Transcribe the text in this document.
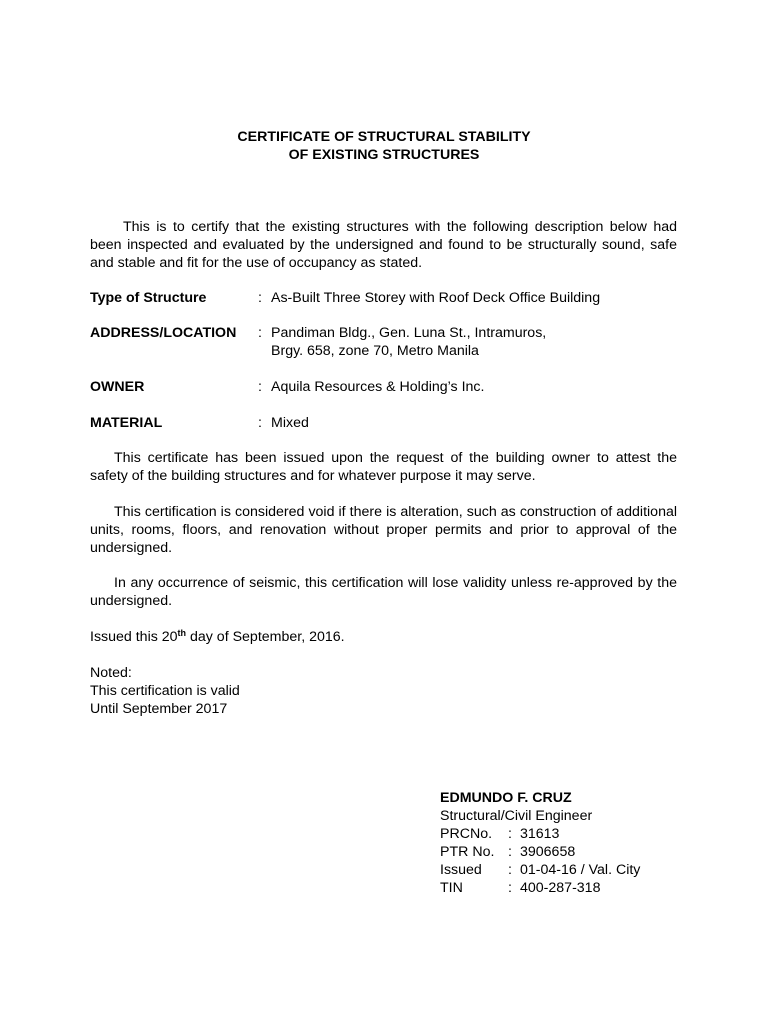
CERTIFICATE OF STRUCTURAL STABILITY
OF EXISTING STRUCTURES
This is to certify that the existing structures with the following description below had been inspected and evaluated by the undersigned and found to be structurally sound, safe and stable and fit for the use of occupancy as stated.
Type of Structure	: As-Built Three Storey with Roof Deck Office Building
ADDRESS/LOCATION : Pandiman Bldg., Gen. Luna St., Intramuros,
Brgy. 658, zone 70, Metro Manila
OWNER	: Aquila Resources & Holding’s Inc.
MATERIAL	: Mixed
This certificate has been issued upon the request of the building owner to attest the safety of the building structures and for whatever purpose it may serve.
This certification is considered void if there is alteration, such as construction of additional units, rooms, floors, and renovation without proper permits and prior to approval of the undersigned.
In any occurrence of seismic, this certification will lose validity unless re-approved by the undersigned.
Issued this 20th day of September, 2016.
Noted:
This certification is valid
Until September 2017
EDMUNDO F. CRUZ
Structural/Civil Engineer
PRCNo. : 31613
PTR No. : 3906658
Issued : 01-04-16 / Val. City
TIN	: 400-287-318
